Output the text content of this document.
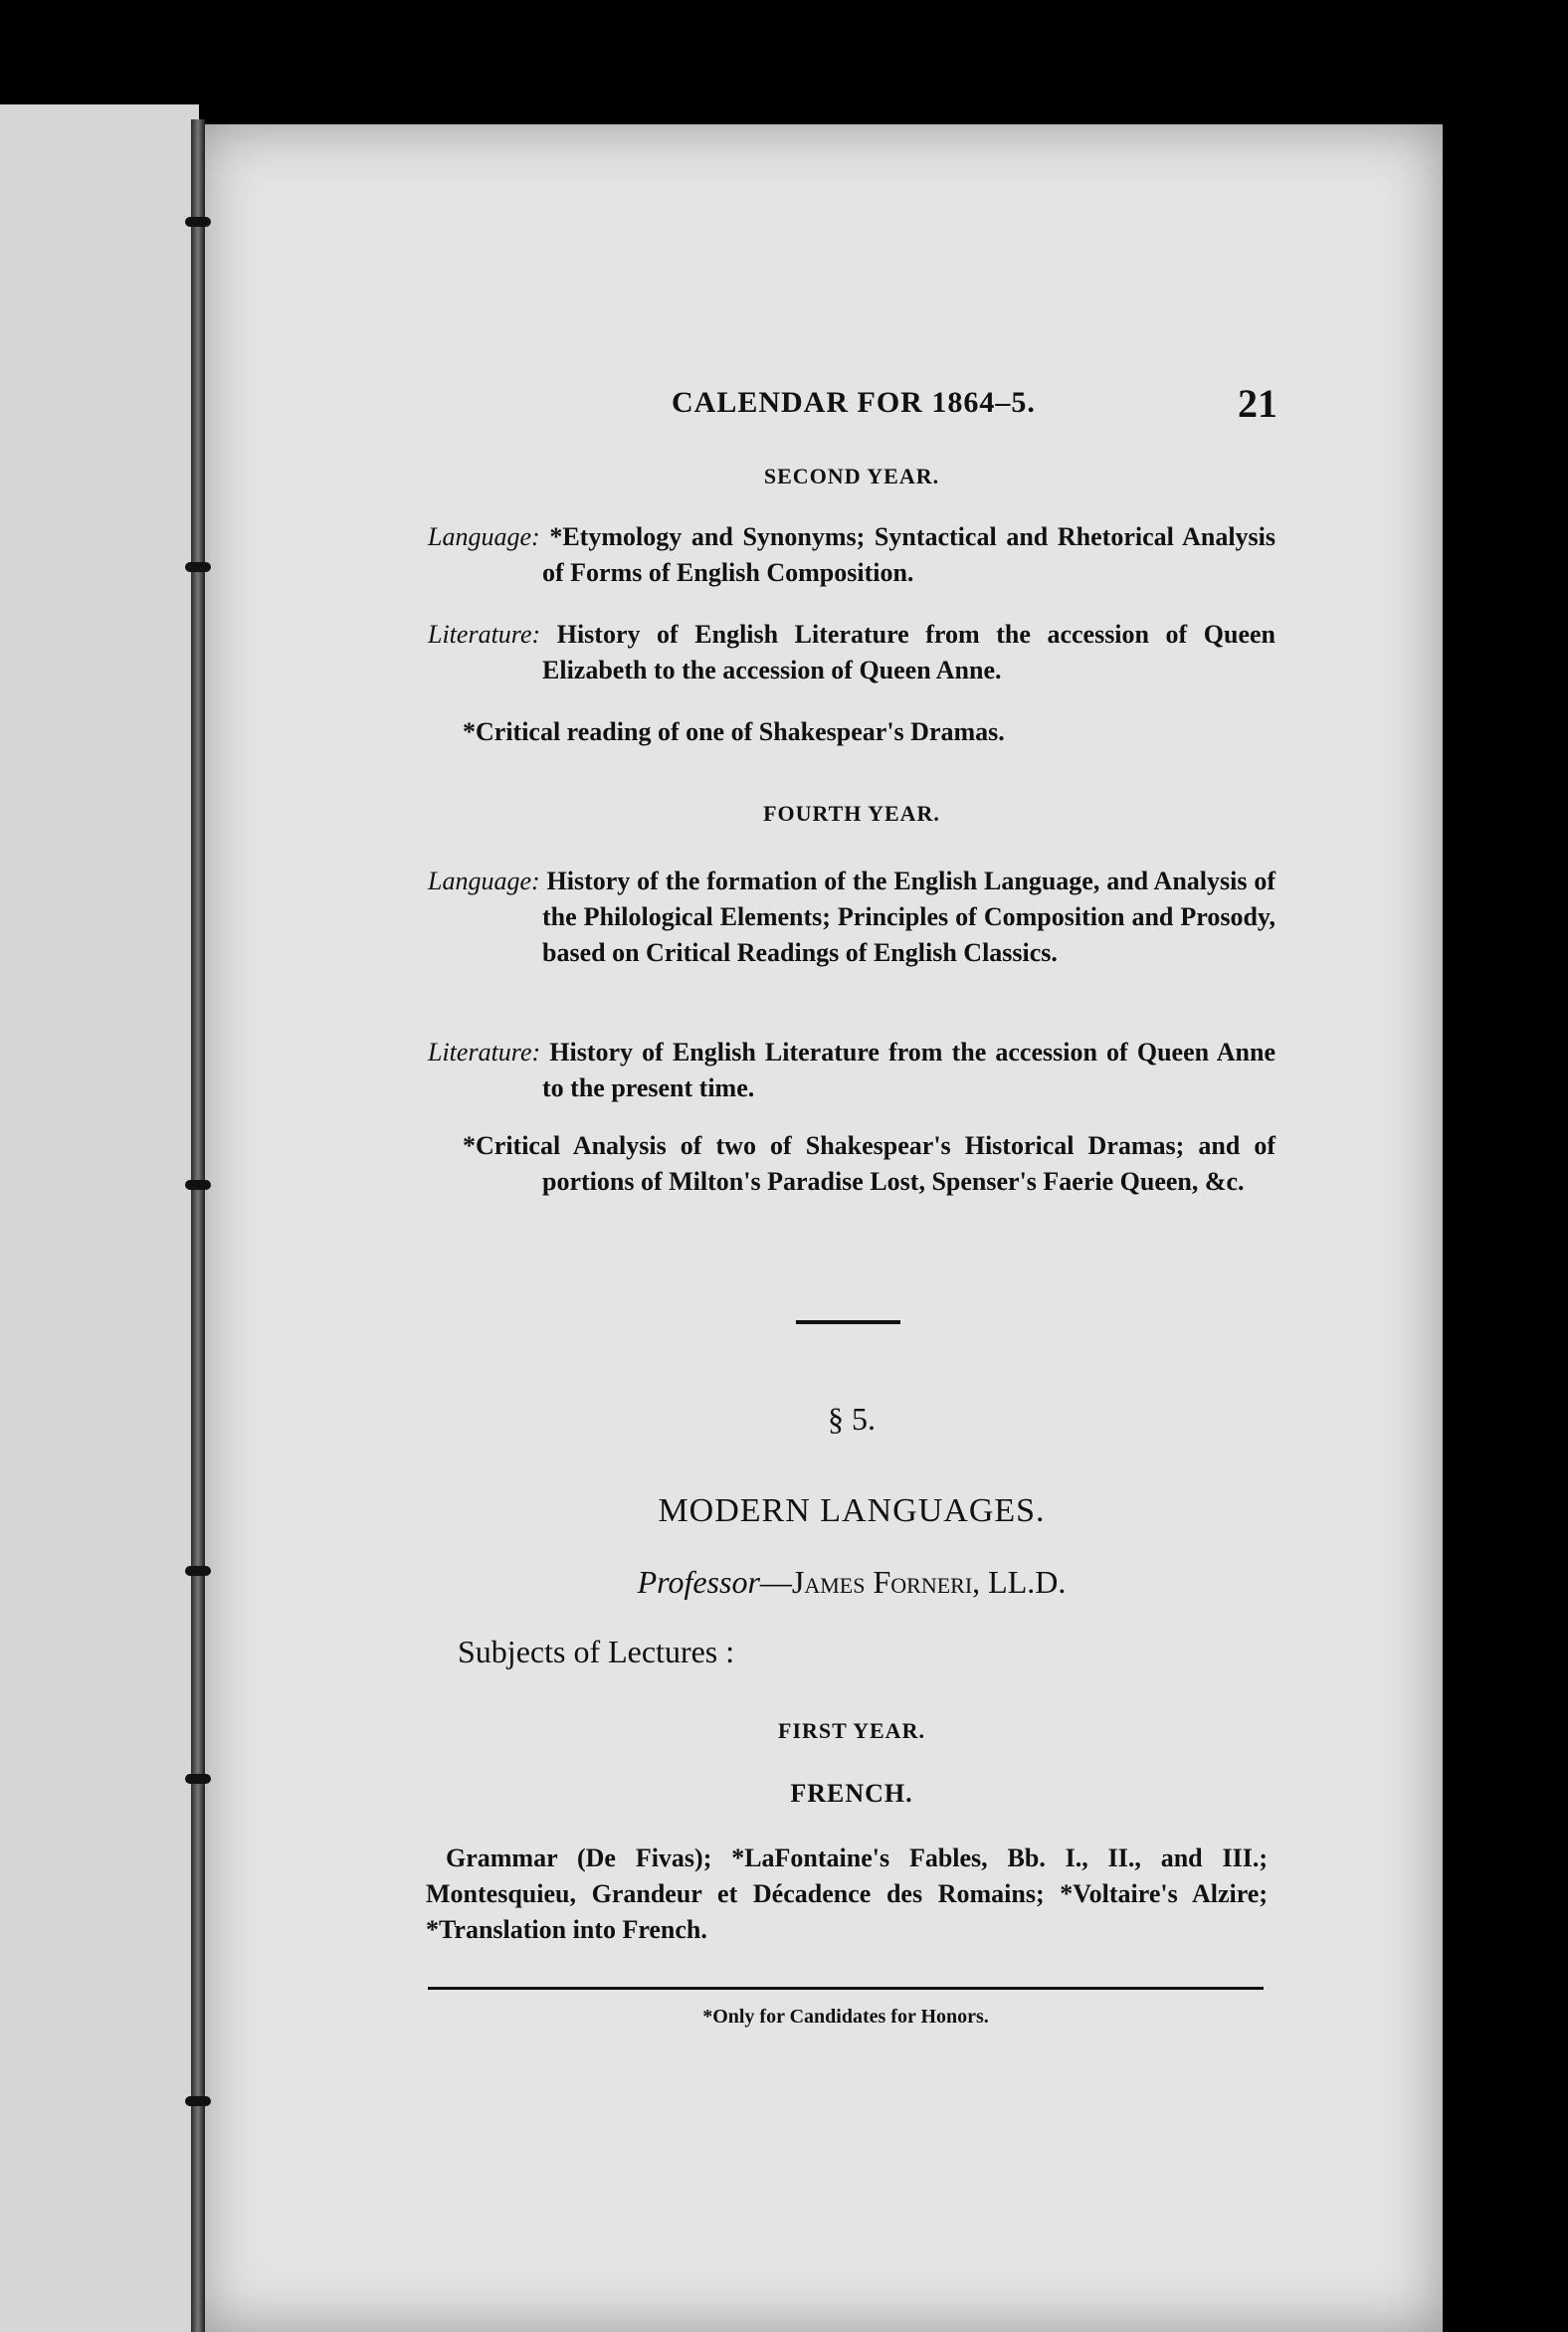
CALENDAR FOR 1864–5.	21
SECOND YEAR.
Language: *Etymology and Synonyms; Syntactical and Rhetorical Analysis of Forms of English Composition.
Literature: History of English Literature from the accession of Queen Elizabeth to the accession of Queen Anne.
*Critical reading of one of Shakespear's Dramas.
FOURTH YEAR.
Language: History of the formation of the English Language, and Analysis of the Philological Elements; Principles of Composition and Prosody, based on Critical Readings of English Classics.
Literature: History of English Literature from the accession of Queen Anne to the present time.
*Critical Analysis of two of Shakespear's Historical Dramas; and of portions of Milton's Paradise Lost, Spenser's Faerie Queen, &c.
§ 5.
MODERN LANGUAGES.
Professor—James Forneri, LL.D.
Subjects of Lectures :
FIRST YEAR.
FRENCH.
Grammar (De Fivas); *LaFontaine's Fables, Bb. I., II., and III.; Montesquieu, Grandeur et Décadence des Romains; *Voltaire's Alzire; *Translation into French.
*Only for Candidates for Honors.
